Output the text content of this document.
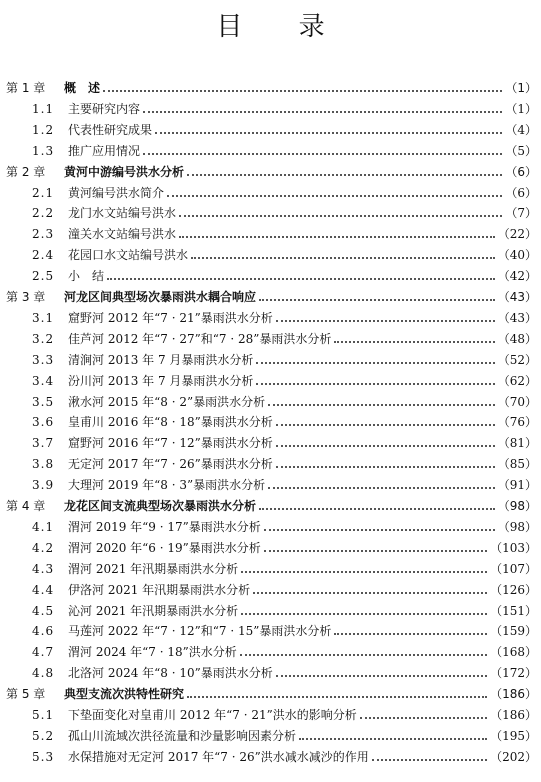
目 录
第 1 章	概　述	（1）
1.1	主要研究内容	（1）
1.2	代表性研究成果	（4）
1.3	推广应用情况	（5）
第 2 章	黄河中游编号洪水分析	（6）
2.1	黄河编号洪水简介	（6）
2.2	龙门水文站编号洪水	（7）
2.3	潼关水文站编号洪水	（22）
2.4	花园口水文站编号洪水	（40）
2.5	小　结	（42）
第 3 章	河龙区间典型场次暴雨洪水耦合响应	（43）
3.1	窟野河 2012 年“7 · 21”暴雨洪水分析	（43）
3.2	佳芦河 2012 年“7 · 27”和“7 · 28”暴雨洪水分析	（48）
3.3	清涧河 2013 年 7 月暴雨洪水分析	（52）
3.4	汾川河 2013 年 7 月暴雨洪水分析	（62）
3.5	湫水河 2015 年“8 · 2”暴雨洪水分析	（70）
3.6	皇甫川 2016 年“8 · 18”暴雨洪水分析	（76）
3.7	窟野河 2016 年“7 · 12”暴雨洪水分析	（81）
3.8	无定河 2017 年“7 · 26”暴雨洪水分析	（85）
3.9	大理河 2019 年“8 · 3”暴雨洪水分析	（91）
第 4 章	龙花区间支流典型场次暴雨洪水分析	（98）
4.1	渭河 2019 年“9 · 17”暴雨洪水分析	（98）
4.2	渭河 2020 年“6 · 19”暴雨洪水分析	（103）
4.3	渭河 2021 年汛期暴雨洪水分析	（107）
4.4	伊洛河 2021 年汛期暴雨洪水分析	（126）
4.5	沁河 2021 年汛期暴雨洪水分析	（151）
4.6	马莲河 2022 年“7 · 12”和“7 · 15”暴雨洪水分析	（159）
4.7	渭河 2024 年“7 · 18”洪水分析	（168）
4.8	北洛河 2024 年“8 · 10”暴雨洪水分析	（172）
第 5 章	典型支流次洪特性研究	（186）
5.1	下垫面变化对皇甫川 2012 年“7 · 21”洪水的影响分析	（186）
5.2	孤山川流域次洪径流量和沙量影响因素分析	（195）
5.3	水保措施对无定河 2017 年“7 · 26”洪水减水减沙的作用	（202）
